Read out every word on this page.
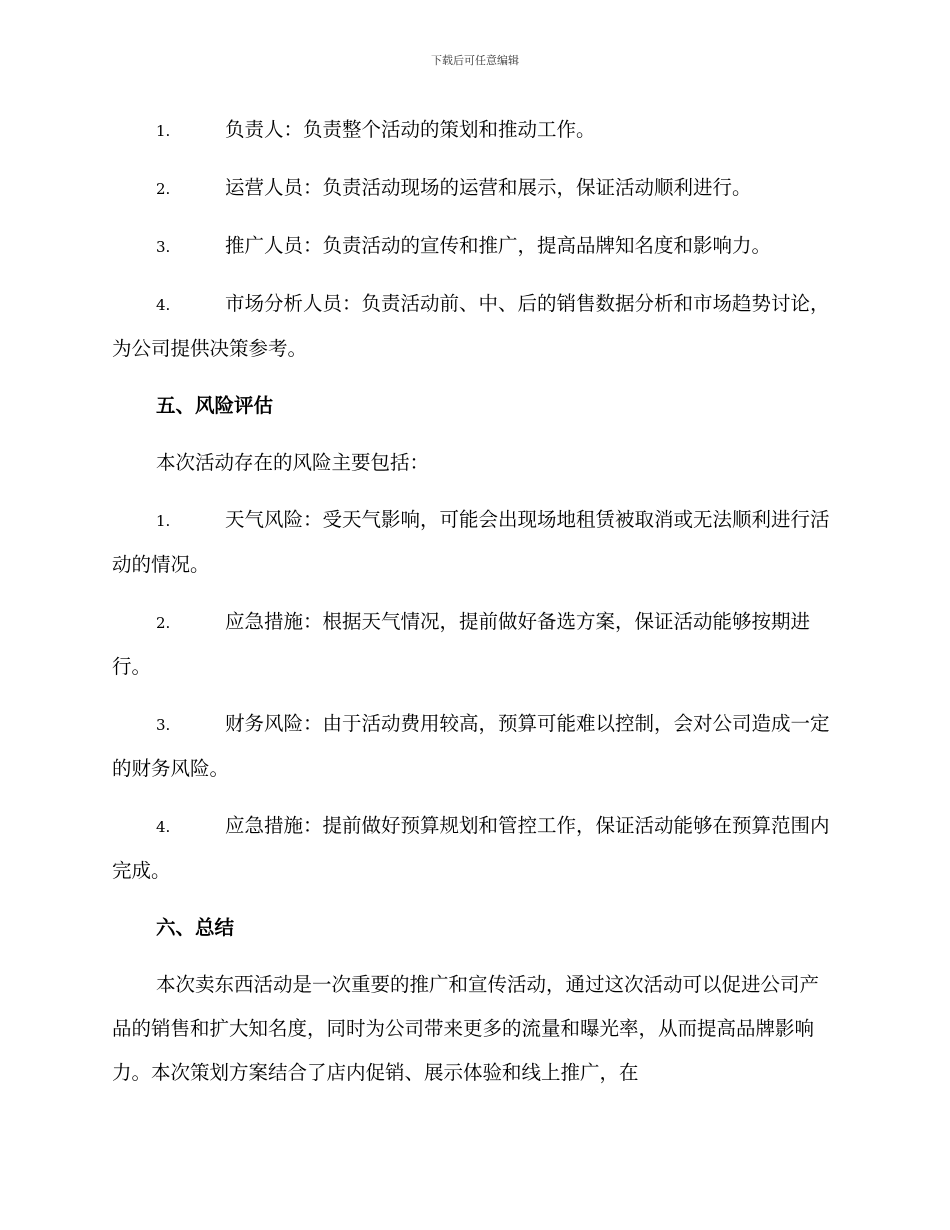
下载后可任意编辑

1.	负责人：负责整个活动的策划和推动工作。

2.	运营人员：负责活动现场的运营和展示，保证活动顺利进行。

3.	推广人员：负责活动的宣传和推广，提高品牌知名度和影响力。

4.	市场分析人员：负责活动前、中、后的销售数据分析和市场趋势讨论，为公司提供决策参考。

五、风险评估

本次活动存在的风险主要包括：

1.	天气风险：受天气影响，可能会出现场地租赁被取消或无法顺利进行活动的情况。

2.	应急措施：根据天气情况，提前做好备选方案，保证活动能够按期进行。

3.	财务风险：由于活动费用较高，预算可能难以控制，会对公司造成一定的财务风险。

4.	应急措施：提前做好预算规划和管控工作，保证活动能够在预算范围内完成。

六、总结

本次卖东西活动是一次重要的推广和宣传活动，通过这次活动可以促进公司产品的销售和扩大知名度，同时为公司带来更多的流量和曝光率，从而提高品牌影响力。本次策划方案结合了店内促销、展示体验和线上推广，在
